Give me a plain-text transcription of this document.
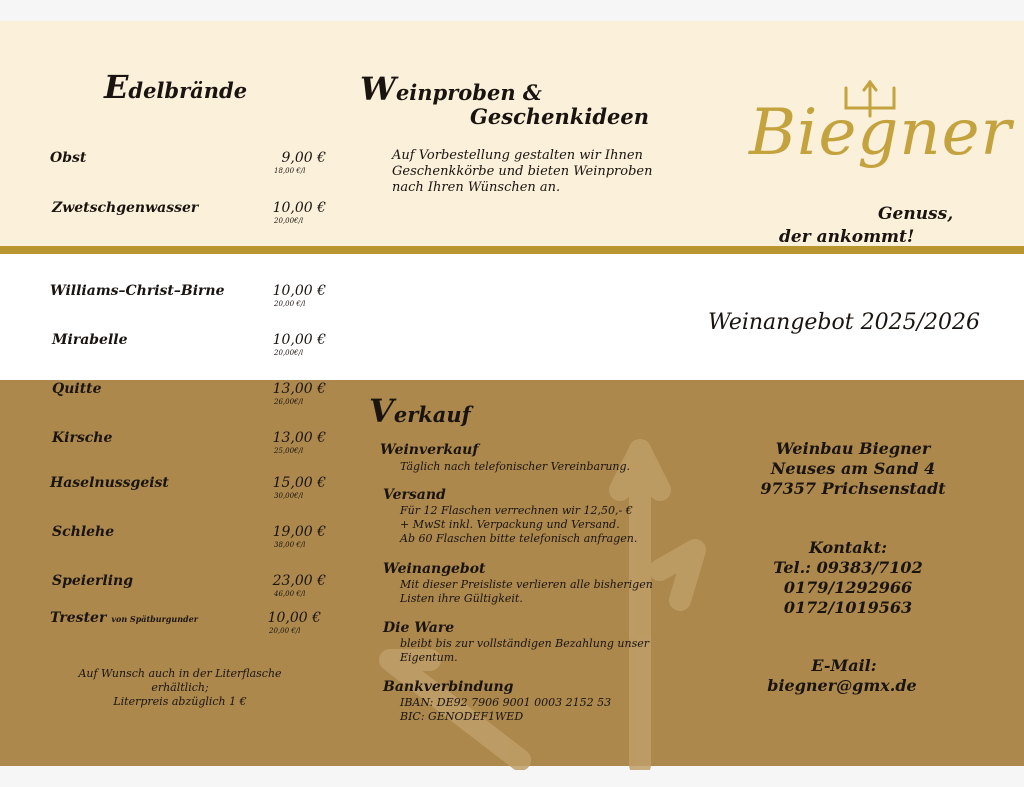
Edelbrände
Obst	9,00 €
18,00 €/l
Zwetschgenwasser	10,00 €
20,00€/l
Williams–Christ–Birne	10,00 €
20,00 €/l
Mirabelle	10,00 €
20,00€/l
Quitte	13,00 €
26,00€/l
Kirsche	13,00 €
25,00€/l
Haselnussgeist	15,00 €
30,00€/l
Schlehe	19,00 €
38,00 €/l
Speierling	23,00 €
46,00 €/l
Trester von Spätburgunder	10,00 €
20,00 €/l
Auf Wunsch auch in der Literflasche erhältlich;
Literpreis abzüglich 1 €
Weinproben &
Geschenkideen
Auf Vorbestellung gestalten wir Ihnen
Geschenkkörbe und bieten Weinproben
nach Ihren Wünschen an.
Biegner
Genuss,
der ankommt!
Weinangebot 2025/2026
Verkauf
Weinverkauf
Täglich nach telefonischer Vereinbarung.
Versand
Für 12 Flaschen verrechnen wir 12,50,- €
+ MwSt inkl. Verpackung und Versand.
Ab 60 Flaschen bitte telefonisch anfragen.
Weinangebot
Mit dieser Preisliste verlieren alle bisherigen
Listen ihre Gültigkeit.
Die Ware
bleibt bis zur vollständigen Bezahlung unser
Eigentum.
Bankverbindung
IBAN: DE92 7906 9001 0003 2152 53
BIC: GENODEF1WED
Weinbau Biegner
Neuses am Sand 4
97357 Prichsenstadt
Kontakt:
Tel.: 09383/7102
0179/1292966
0172/1019563
E-Mail:
biegner@gmx.de
